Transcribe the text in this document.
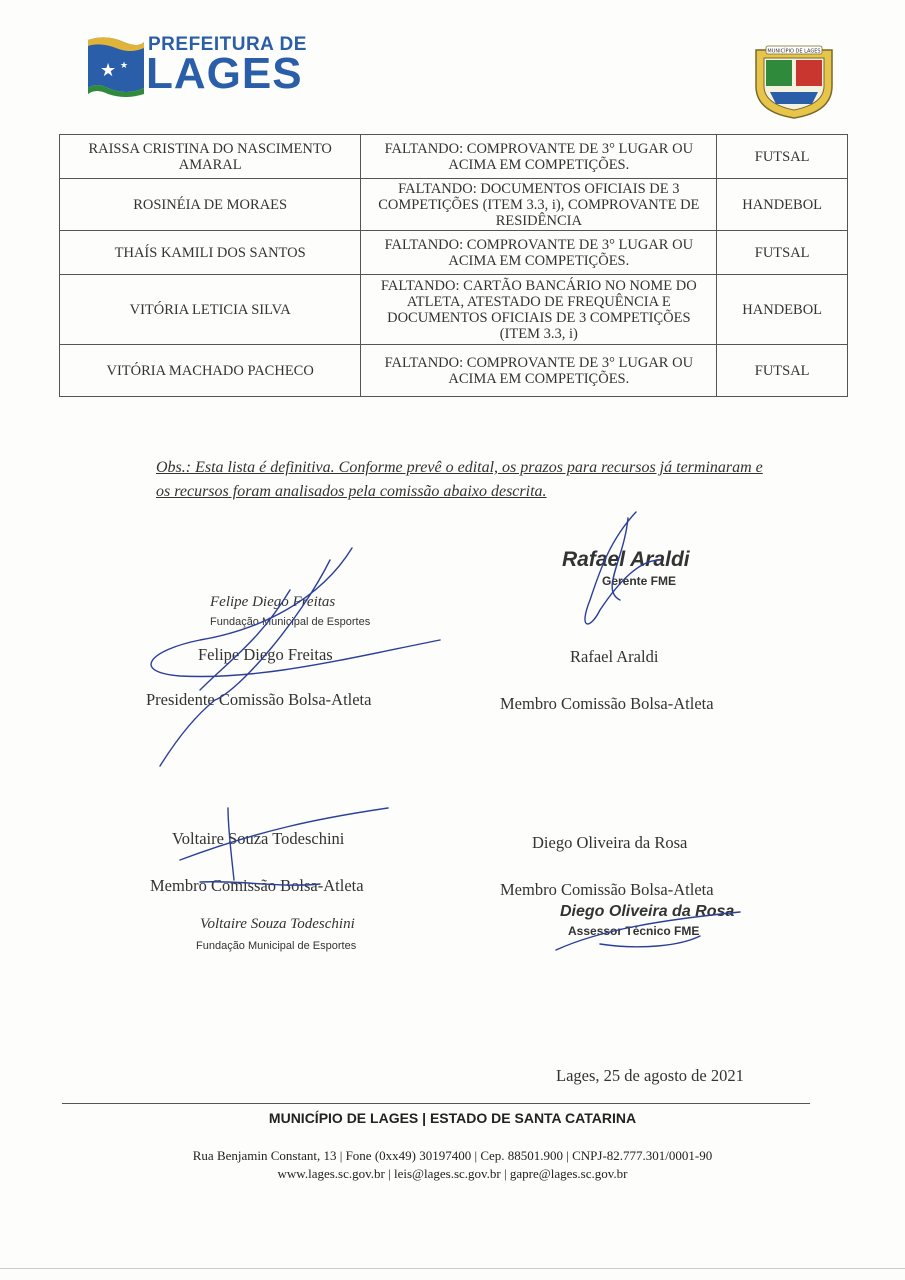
★ ★
PREFEITURA DE
LAGES	MUNICÍPIO DE LAGES
RAISSA CRISTINA DO NASCIMENTO AMARAL	FALTANDO: COMPROVANTE DE 3° LUGAR OU ACIMA EM COMPETIÇÕES.	FUTSAL
ROSINÉIA DE MORAES	FALTANDO: DOCUMENTOS OFICIAIS DE 3 COMPETIÇÕES (ITEM 3.3, i), COMPROVANTE DE RESIDÊNCIA	HANDEBOL
THAÍS KAMILI DOS SANTOS	FALTANDO: COMPROVANTE DE 3° LUGAR OU ACIMA EM COMPETIÇÕES.	FUTSAL
VITÓRIA LETICIA SILVA	FALTANDO: CARTÃO BANCÁRIO NO NOME DO ATLETA, ATESTADO DE FREQUÊNCIA E DOCUMENTOS OFICIAIS DE 3 COMPETIÇÕES (ITEM 3.3, i)	HANDEBOL
VITÓRIA MACHADO PACHECO	FALTANDO: COMPROVANTE DE 3° LUGAR OU ACIMA EM COMPETIÇÕES.	FUTSAL
Obs.: Esta lista é definitiva. Conforme prevê o edital, os prazos para recursos já terminaram e os recursos foram analisados pela comissão abaixo descrita.
Felipe Diego Freitas
Fundação Municipal de Esportes
Felipe Diego Freitas
Presidente Comissão Bolsa-Atleta
Rafael Araldi
Gerente FME
Rafael Araldi
Membro Comissão Bolsa-Atleta
Voltaire Souza Todeschini
Membro Comissão Bolsa-Atleta
Voltaire Souza Todeschini
Fundação Municipal de Esportes
Diego Oliveira da Rosa
Membro Comissão Bolsa-Atleta
Diego Oliveira da Rosa
Assessor Técnico FME
Lages, 25 de agosto de 2021
MUNICÍPIO DE LAGES | ESTADO DE SANTA CATARINA
Rua Benjamin Constant, 13 | Fone (0xx49) 30197400 | Cep. 88501.900 | CNPJ-82.777.301/0001-90
www.lages.sc.gov.br | leis@lages.sc.gov.br | gapre@lages.sc.gov.br
